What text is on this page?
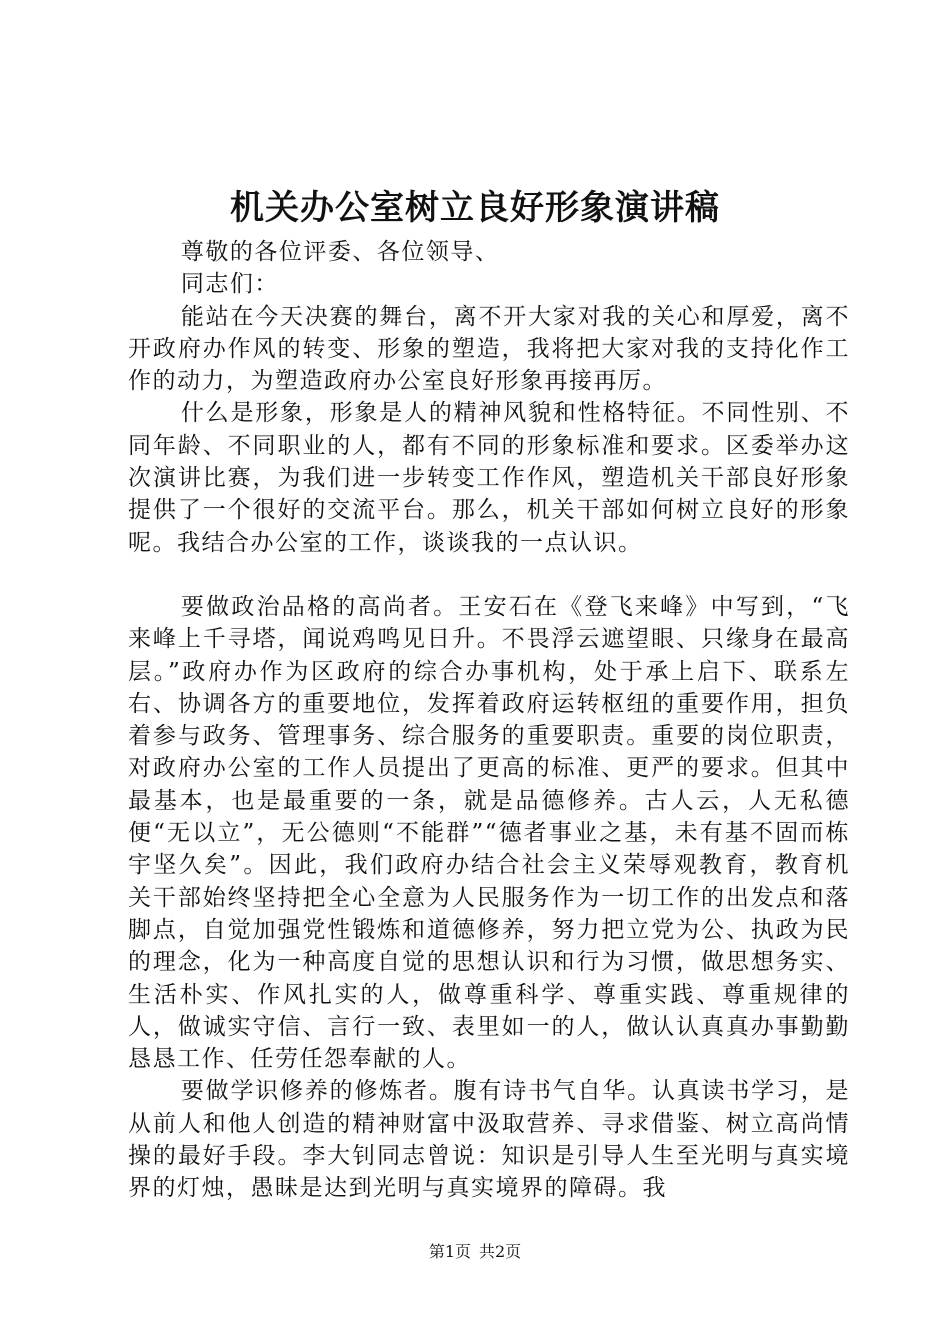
机关办公室树立良好形象演讲稿

尊敬的各位评委、各位领导、

同志们：

能站在今天决赛的舞台，离不开大家对我的关心和厚爱，离不开政府办作风的转变、形象的塑造，我将把大家对我的支持化作工作的动力，为塑造政府办公室良好形象再接再厉。

什么是形象，形象是人的精神风貌和性格特征。不同性别、不同年龄、不同职业的人，都有不同的形象标准和要求。区委举办这次演讲比赛，为我们进一步转变工作作风，塑造机关干部良好形象提供了一个很好的交流平台。那么，机关干部如何树立良好的形象呢。我结合办公室的工作，谈谈我的一点认识。

要做政治品格的高尚者。王安石在《登飞来峰》中写到，“飞来峰上千寻塔，闻说鸡鸣见日升。不畏浮云遮望眼、只缘身在最高层。”政府办作为区政府的综合办事机构，处于承上启下、联系左右、协调各方的重要地位，发挥着政府运转枢纽的重要作用，担负着参与政务、管理事务、综合服务的重要职责。重要的岗位职责，对政府办公室的工作人员提出了更高的标准、更严的要求。但其中最基本，也是最重要的一条，就是品德修养。古人云，人无私德便“无以立”，无公德则“不能群”“德者事业之基，未有基不固而栋宇坚久矣”。因此，我们政府办结合社会主义荣辱观教育，教育机关干部始终坚持把全心全意为人民服务作为一切工作的出发点和落脚点，自觉加强党性锻炼和道德修养，努力把立党为公、执政为民的理念，化为一种高度自觉的思想认识和行为习惯，做思想务实、生活朴实、作风扎实的人，做尊重科学、尊重实践、尊重规律的人，做诚实守信、言行一致、表里如一的人，做认认真真办事勤勤恳恳工作、任劳任怨奉献的人。

要做学识修养的修炼者。腹有诗书气自华。认真读书学习，是从前人和他人创造的精神财富中汲取营养、寻求借鉴、树立高尚情操的最好手段。李大钊同志曾说：知识是引导人生至光明与真实境界的灯烛，愚昧是达到光明与真实境界的障碍。我

第1页 共2页
